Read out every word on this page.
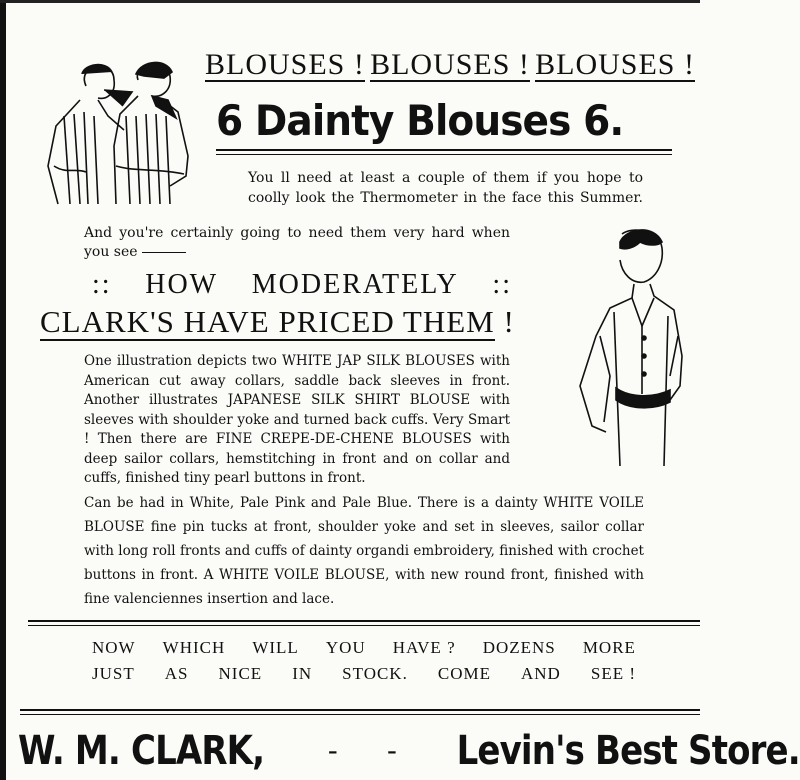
BLOUSES ! BLOUSES ! BLOUSES !
6 Dainty Blouses 6.
You ll need at least a couple of them if you hope to coolly look the Thermometer in the face this Summer.
And you're certainly going to need them very hard when you see
:: HOW MODERATELY ::
CLARK'S HAVE PRICED THEM !
One illustration depicts two WHITE JAP SILK BLOUSES with American cut away collars, saddle back sleeves in front. Another illustrates JAPANESE SILK SHIRT BLOUSE with sleeves with shoulder yoke and turned back cuffs. Very Smart ! Then there are FINE CREPE-DE-CHENE BLOUSES with deep sailor collars, hemstitching in front and on collar and cuffs, finished tiny pearl buttons in front.
Can be had in White, Pale Pink and Pale Blue. There is a dainty WHITE VOILE BLOUSE fine pin tucks at front, shoulder yoke and set in sleeves, sailor collar with long roll fronts and cuffs of dainty organdi embroidery, finished with crochet buttons in front. A WHITE VOILE BLOUSE, with new round front, finished with fine valenciennes insertion and lace.
NOW WHICH WILL YOU HAVE ? DOZENS MORE
JUST AS NICE IN STOCK. COME AND SEE !
W. M. CLARK, - - Levin's Best Store.
